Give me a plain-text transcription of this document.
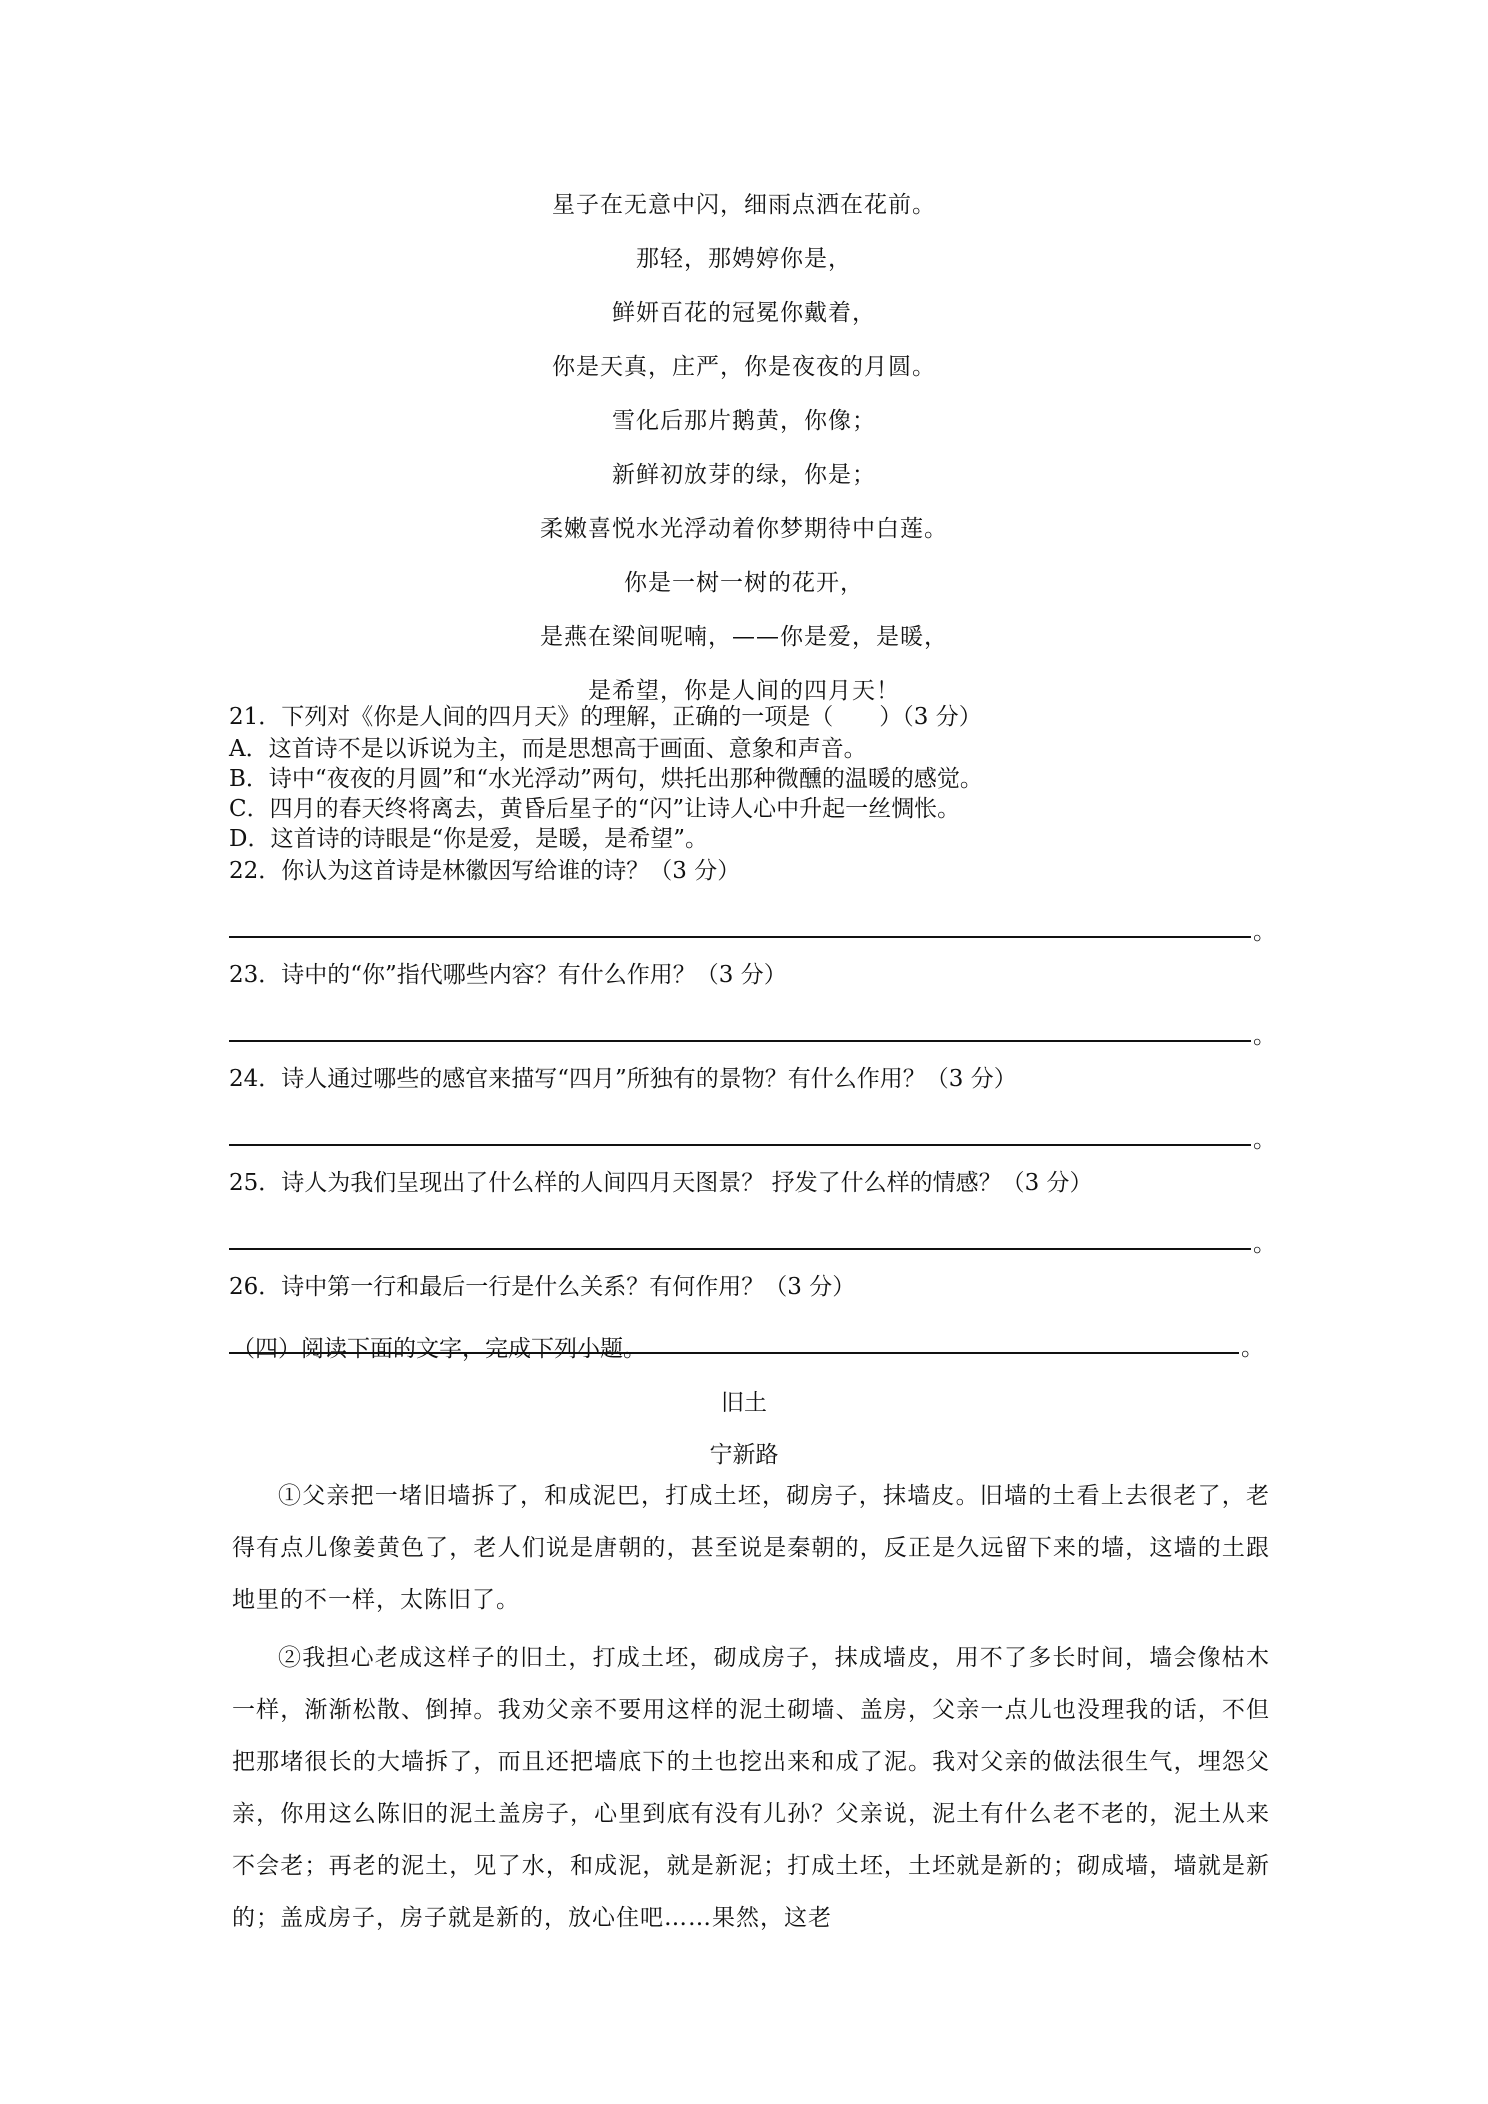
星子在无意中闪，细雨点洒在花前。
那轻，那娉婷你是，
鲜妍百花的冠冕你戴着，
你是天真，庄严，你是夜夜的月圆。
雪化后那片鹅黄，你像；
新鲜初放芽的绿，你是；
柔嫩喜悦水光浮动着你梦期待中白莲。
你是一树一树的花开，
是燕在梁间呢喃，——你是爱，是暖，
是希望，你是人间的四月天！
21．下列对《你是人间的四月天》的理解，正确的一项是（　　）（3 分）
A．这首诗不是以诉说为主，而是思想高于画面、意象和声音。
B．诗中“夜夜的月圆”和“水光浮动”两句，烘托出那种微醺的温暖的感觉。
C．四月的春天终将离去，黄昏后星子的“闪”让诗人心中升起一丝惆怅。
D．这首诗的诗眼是“你是爱，是暖，是希望”。
22．你认为这首诗是林徽因写给谁的诗？（3 分）
。
23．诗中的“你”指代哪些内容？有什么作用？（3 分）
。
24．诗人通过哪些的感官来描写“四月”所独有的景物？有什么作用？（3 分）
。
25．诗人为我们呈现出了什么样的人间四月天图景？ 抒发了什么样的情感？（3 分）
。
26．诗中第一行和最后一行是什么关系？有何作用？（3 分）
。
（四）阅读下面的文字，完成下列小题。
旧土
宁新路

①父亲把一堵旧墙拆了，和成泥巴，打成土坯，砌房子，抹墙皮。旧墙的土看上去很老了，老得有点儿像姜黄色了，老人们说是唐朝的，甚至说是秦朝的，反正是久远留下来的墙，这墙的土跟地里的不一样，太陈旧了。

②我担心老成这样子的旧土，打成土坯，砌成房子，抹成墙皮，用不了多长时间，墙会像枯木一样，渐渐松散、倒掉。我劝父亲不要用这样的泥土砌墙、盖房，父亲一点儿也没理我的话，不但把那堵很长的大墙拆了，而且还把墙底下的土也挖出来和成了泥。我对父亲的做法很生气，埋怨父亲，你用这么陈旧的泥土盖房子，心里到底有没有儿孙？父亲说，泥土有什么老不老的，泥土从来不会老；再老的泥土，见了水，和成泥，就是新泥；打成土坯，土坯就是新的；砌成墙，墙就是新的；盖成房子，房子就是新的，放心住吧……果然，这老
